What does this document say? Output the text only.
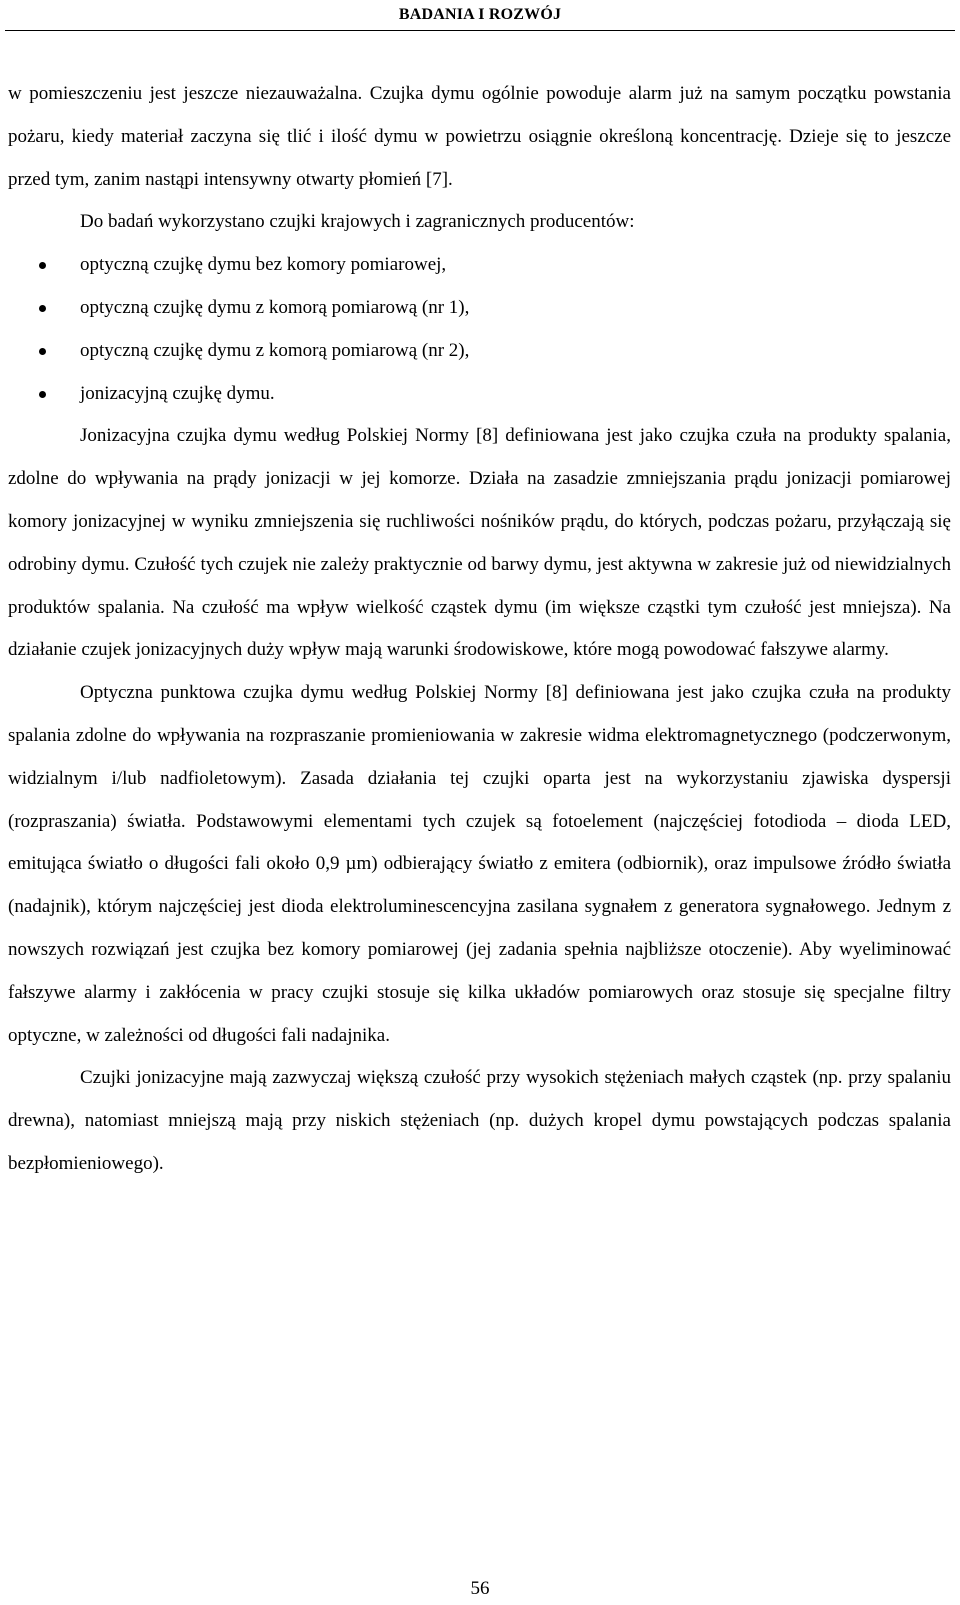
BADANIA I ROZWÓJ

w pomieszczeniu jest jeszcze niezauważalna. Czujka dymu ogólnie powoduje alarm już na samym początku powstania pożaru, kiedy materiał zaczyna się tlić i ilość dymu w powietrzu osiągnie określoną koncentrację. Dzieje się to jeszcze przed tym, zanim nastąpi intensywny otwarty płomień [7].

Do badań wykorzystano czujki krajowych i zagranicznych producentów:

optyczną czujkę dymu bez komory pomiarowej,
optyczną czujkę dymu z komorą pomiarową (nr 1),
optyczną czujkę dymu z komorą pomiarową (nr 2),
jonizacyjną czujkę dymu.

Jonizacyjna czujka dymu według Polskiej Normy [8] definiowana jest jako czujka czuła na produkty spalania, zdolne do wpływania na prądy jonizacji w jej komorze. Działa na zasadzie zmniejszania prądu jonizacji pomiarowej komory jonizacyjnej w wyniku zmniejszenia się ruchliwości nośników prądu, do których, podczas pożaru, przyłączają się odrobiny dymu. Czułość tych czujek nie zależy praktycznie od barwy dymu, jest aktywna w zakresie już od niewidzialnych produktów spalania. Na czułość ma wpływ wielkość cząstek dymu (im większe cząstki tym czułość jest mniejsza). Na działanie czujek jonizacyjnych duży wpływ mają warunki środowiskowe, które mogą powodować fałszywe alarmy.

Optyczna punktowa czujka dymu według Polskiej Normy [8] definiowana jest jako czujka czuła na produkty spalania zdolne do wpływania na rozpraszanie promieniowania w zakresie widma elektromagnetycznego (podczerwonym, widzialnym i/lub nadfioletowym). Zasada działania tej czujki oparta jest na wykorzystaniu zjawiska dyspersji (rozpraszania) światła. Podstawowymi elementami tych czujek są fotoelement (najczęściej fotodioda – dioda LED, emitująca światło o długości fali około 0,9 µm) odbierający światło z emitera (odbiornik), oraz impulsowe źródło światła (nadajnik), którym najczęściej jest dioda elektroluminescencyjna zasilana sygnałem z generatora sygnałowego. Jednym z nowszych rozwiązań jest czujka bez komory pomiarowej (jej zadania spełnia najbliższe otoczenie). Aby wyeliminować fałszywe alarmy i zakłócenia w pracy czujki stosuje się kilka układów pomiarowych oraz stosuje się specjalne filtry optyczne, w zależności od długości fali nadajnika.

Czujki jonizacyjne mają zazwyczaj większą czułość przy wysokich stężeniach małych cząstek (np. przy spalaniu drewna), natomiast mniejszą mają przy niskich stężeniach (np. dużych kropel dymu powstających podczas spalania bezpłomieniowego).

56
